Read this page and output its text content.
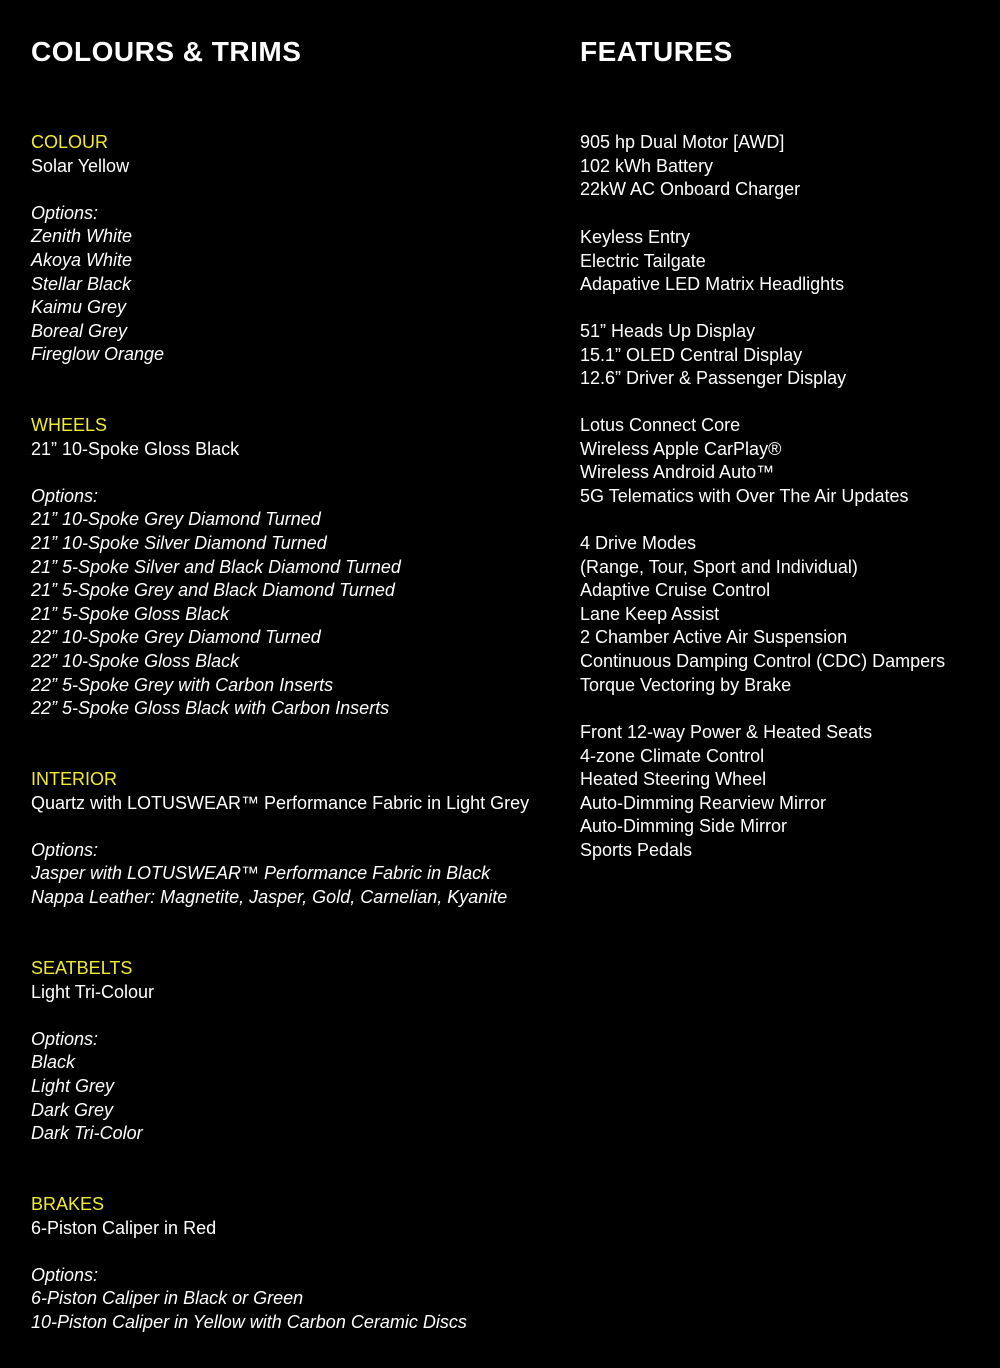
COLOURS & TRIMS
COLOUR
Solar Yellow
Options:
Zenith White
Akoya White
Stellar Black
Kaimu Grey
Boreal Grey
Fireglow Orange
WHEELS
21” 10-Spoke Gloss Black
Options:
21” 10-Spoke Grey Diamond Turned
21” 10-Spoke Silver Diamond Turned
21” 5-Spoke Silver and Black Diamond Turned
21” 5-Spoke Grey and Black Diamond Turned
21” 5-Spoke Gloss Black
22” 10-Spoke Grey Diamond Turned
22” 10-Spoke Gloss Black
22” 5-Spoke Grey with Carbon Inserts
22” 5-Spoke Gloss Black with Carbon Inserts
INTERIOR
Quartz with LOTUSWEAR™ Performance Fabric in Light Grey
Options:
Jasper with LOTUSWEAR™ Performance Fabric in Black
Nappa Leather: Magnetite, Jasper, Gold, Carnelian, Kyanite
SEATBELTS
Light Tri-Colour
Options:
Black
Light Grey
Dark Grey
Dark Tri-Color
BRAKES
6-Piston Caliper in Red
Options:
6-Piston Caliper in Black or Green
10-Piston Caliper in Yellow with Carbon Ceramic Discs
FEATURES
905 hp Dual Motor [AWD]
102 kWh Battery
22kW AC Onboard Charger
Keyless Entry
Electric Tailgate
Adapative LED Matrix Headlights
51” Heads Up Display
15.1” OLED Central Display
12.6” Driver & Passenger Display
Lotus Connect Core
Wireless Apple CarPlay®
Wireless Android Auto™
5G Telematics with Over The Air Updates
4 Drive Modes
(Range, Tour, Sport and Individual)
Adaptive Cruise Control
Lane Keep Assist
2 Chamber Active Air Suspension
Continuous Damping Control (CDC) Dampers
Torque Vectoring by Brake
Front 12-way Power & Heated Seats
4-zone Climate Control
Heated Steering Wheel
Auto-Dimming Rearview Mirror
Auto-Dimming Side Mirror
Sports Pedals
